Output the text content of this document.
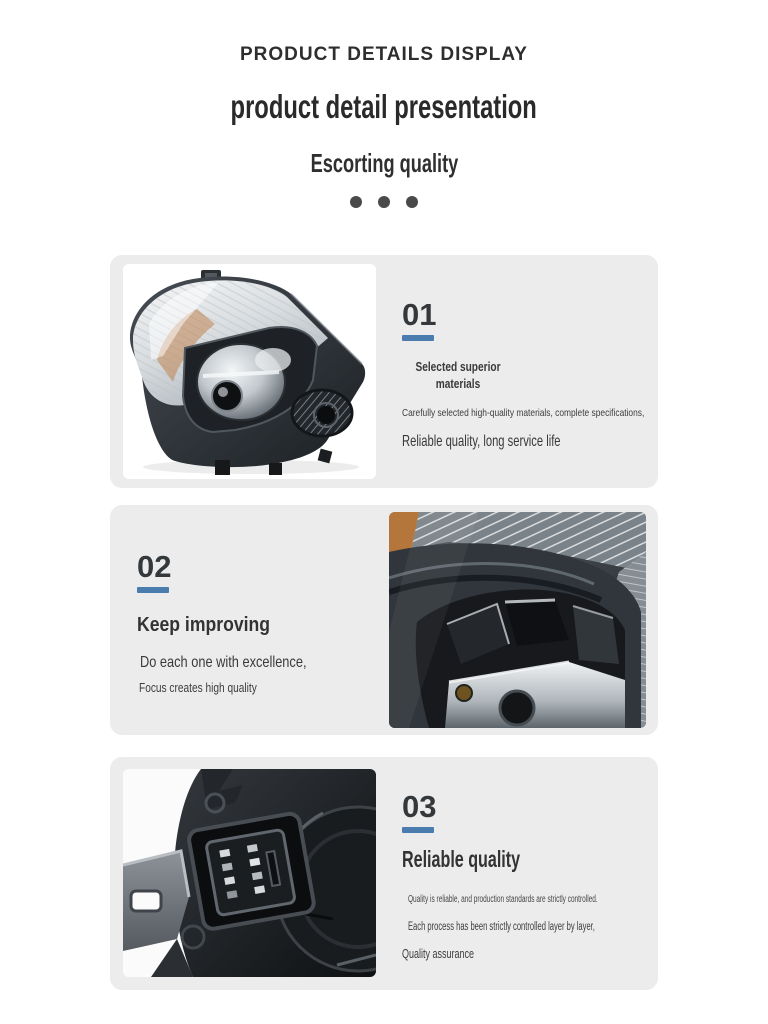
PRODUCT DETAILS DISPLAY
product detail presentation
Escorting quality

01
Selected superior materials
Carefully selected high-quality materials, complete specifications,
Reliable quality, long service life
02
Keep improving
Do each one with excellence,
Focus creates high quality
03
Reliable quality
Quality is reliable, and production standards are strictly controlled.
Each process has been strictly controlled layer by layer,
Quality assurance
